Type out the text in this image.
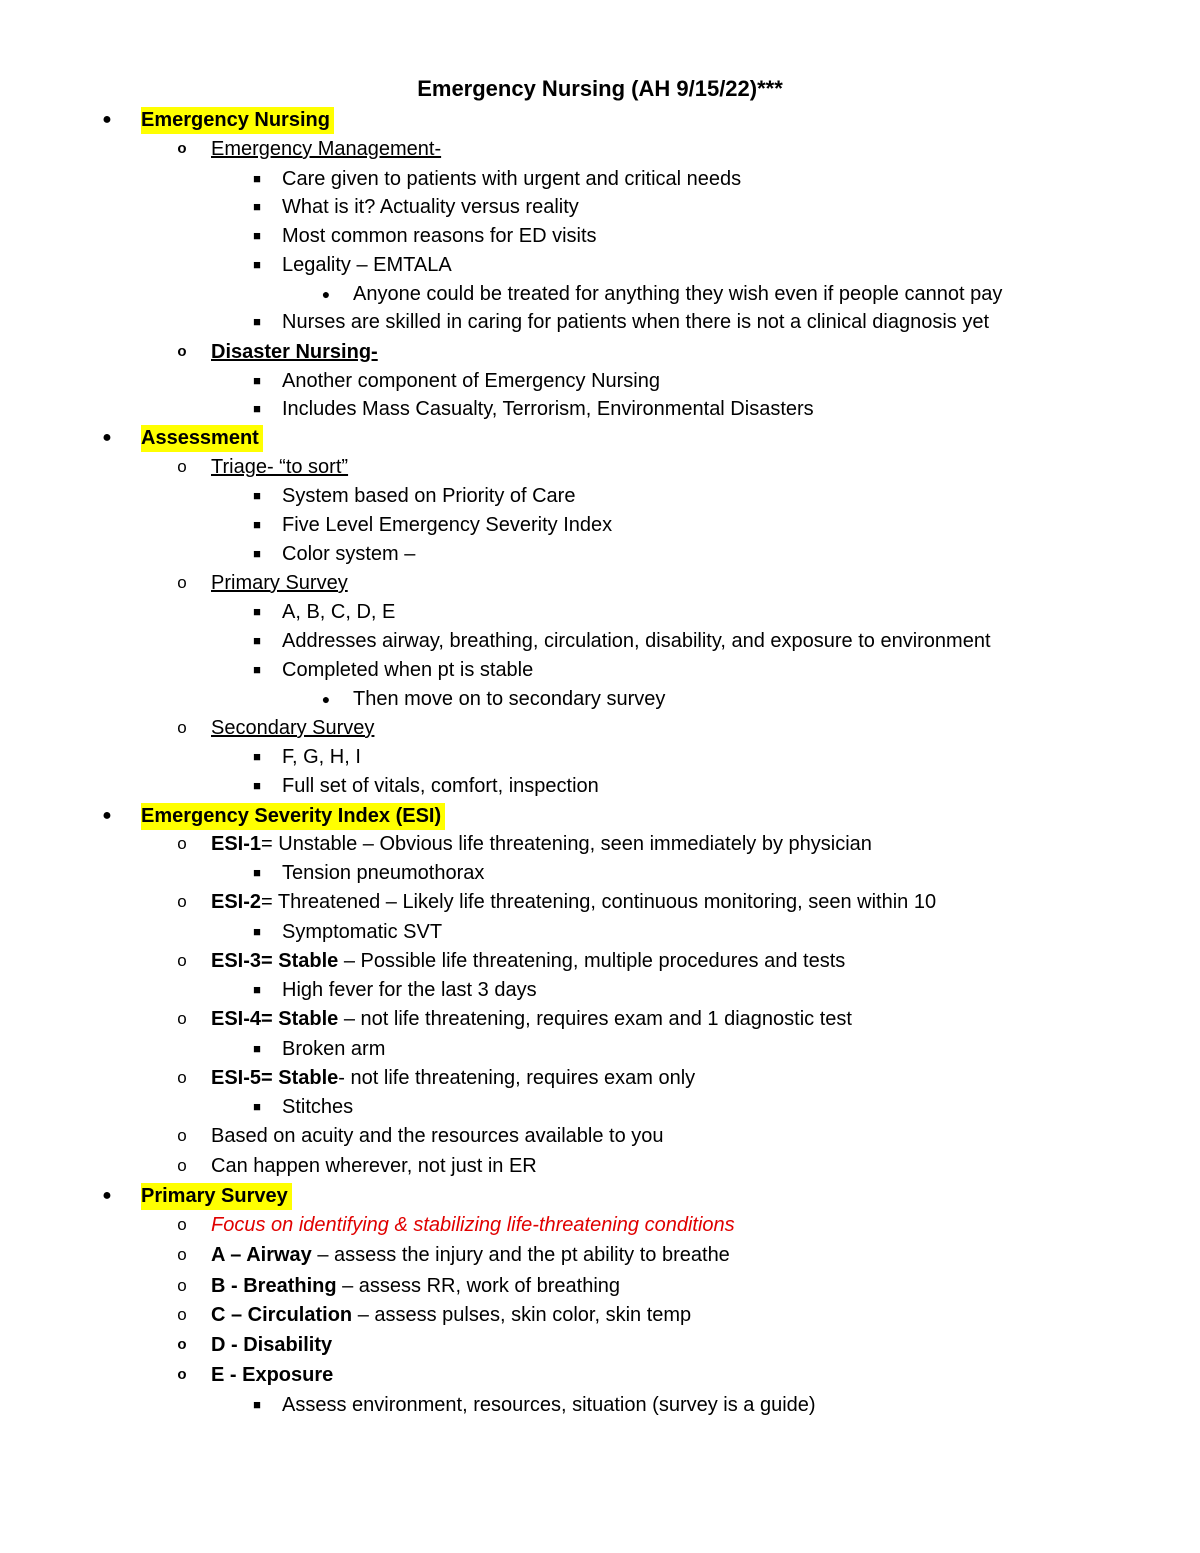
Emergency Nursing (AH 9/15/22)***
●	Emergency Nursing
o	Emergency Management-
■	Care given to patients with urgent and critical needs
■	What is it? Actuality versus reality
■	Most common reasons for ED visits
■	Legality – EMTALA
●	Anyone could be treated for anything they wish even if people cannot pay
■	Nurses are skilled in caring for patients when there is not a clinical diagnosis yet
o	Disaster Nursing-
■	Another component of Emergency Nursing
■	Includes Mass Casualty, Terrorism, Environmental Disasters
●	Assessment
o	Triage- “to sort”
■	System based on Priority of Care
■	Five Level Emergency Severity Index
■	Color system –
o	Primary Survey
■	A, B, C, D, E
■	Addresses airway, breathing, circulation, disability, and exposure to environment
■	Completed when pt is stable
●	Then move on to secondary survey
o	Secondary Survey
■	F, G, H, I
■	Full set of vitals, comfort, inspection
●	Emergency Severity Index (ESI)
o	ESI-1= Unstable – Obvious life threatening, seen immediately by physician
■	Tension pneumothorax
o	ESI-2= Threatened – Likely life threatening, continuous monitoring, seen within 10
■	Symptomatic SVT
o	ESI-3= Stable – Possible life threatening, multiple procedures and tests
■	High fever for the last 3 days
o	ESI-4= Stable – not life threatening, requires exam and 1 diagnostic test
■	Broken arm
o	ESI-5= Stable- not life threatening, requires exam only
■	Stitches
o	Based on acuity and the resources available to you
o	Can happen wherever, not just in ER
●	Primary Survey
o	Focus on identifying & stabilizing life-threatening conditions
o	A – Airway – assess the injury and the pt ability to breathe
o	B - Breathing – assess RR, work of breathing
o	C – Circulation – assess pulses, skin color, skin temp
o	D - Disability
o	E - Exposure
■	Assess environment, resources, situation (survey is a guide)
